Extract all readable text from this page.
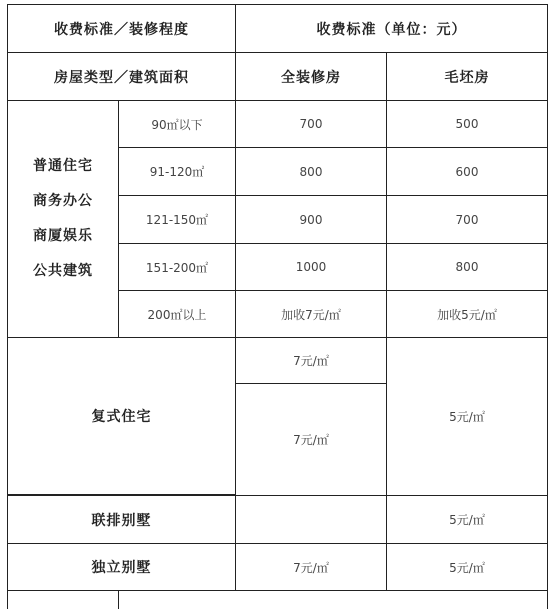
收费标准／装修程度		收费标准（单位：元）	
房屋类型／建筑面积		全装修房	毛坯房

普通住宅
商务办公
商厦娱乐
公共建筑	90㎡以下	700	500
	91-120㎡	800	600
	121-150㎡	900	700
	151-200㎡	1000	800
	200㎡以上	加收7元/㎡	加收5元/㎡
复式住宅		7元/㎡	5元/㎡
		7元/㎡	

联排别墅			5元/㎡
独立别墅		7元/㎡	5元/㎡
